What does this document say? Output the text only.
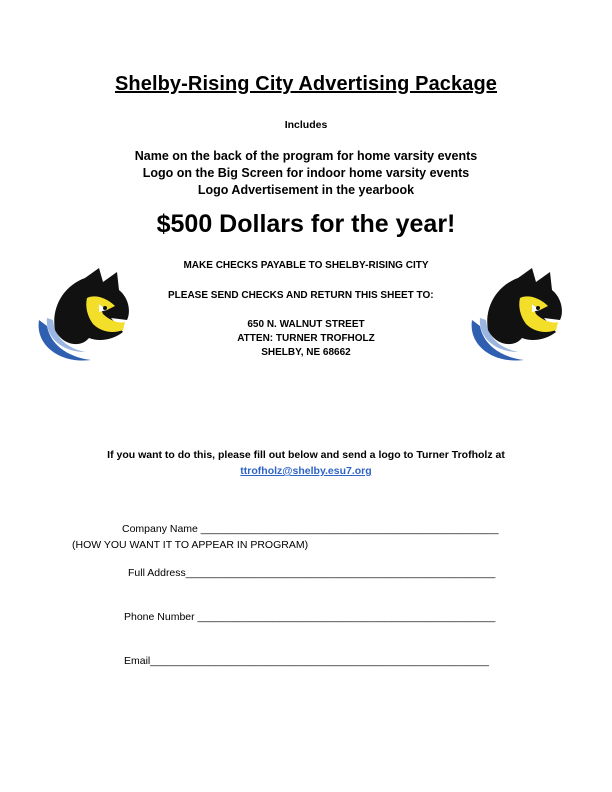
Shelby-Rising City Advertising Package
Includes
Name on the back of the program for home varsity events
Logo on the Big Screen for indoor home varsity events
Logo Advertisement in the yearbook
$500 Dollars for the year!
MAKE CHECKS PAYABLE TO SHELBY-RISING CITY
PLEASE SEND CHECKS AND RETURN THIS SHEET TO:
650 N. WALNUT STREET
ATTEN: TURNER TROFHOLZ
SHELBY, NE 68662
If you want to do this, please fill out below and send a logo to Turner Trofholz at
ttrofholz@shelby.esu7.org
Company Name ___________________________________________________
(HOW YOU WANT IT TO APPEAR IN PROGRAM)
Full Address_____________________________________________________
Phone Number ___________________________________________________
Email__________________________________________________________
